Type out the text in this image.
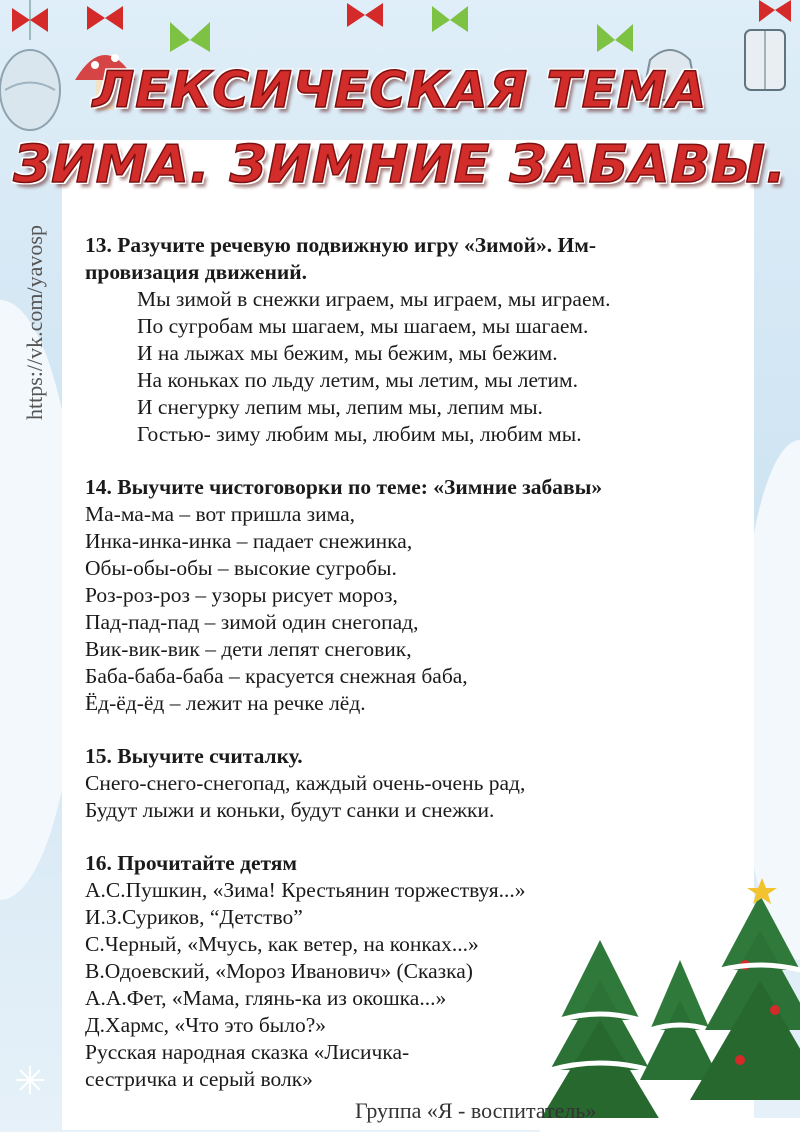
ЛЕКСИЧЕСКАЯ ТЕМА
ЗИМА. ЗИМНИЕ ЗАБАВЫ.
https://vk.com/yavosp 13. Разучите речевую подвижную игру «Зимой». Им-
провизация движений.
Мы зимой в снежки играем, мы играем, мы играем.
По сугробам мы шагаем, мы шагаем, мы шагаем.
И на лыжах мы бежим, мы бежим, мы бежим.
На коньках по льду летим, мы летим, мы летим.
И снегурку лепим мы, лепим мы, лепим мы.
Гостью- зиму любим мы, любим мы, любим мы.
14. Выучите чистоговорки по теме: «Зимние забавы»
Ма-ма-ма – вот пришла зима,
Инка-инка-инка – падает снежинка,
Обы-обы-обы – высокие сугробы.
Роз-роз-роз – узоры рисует мороз,
Пад-пад-пад – зимой один снегопад,
Вик-вик-вик – дети лепят снеговик,
Баба-баба-баба – красуется снежная баба,
Ёд-ёд-ёд – лежит на речке лёд.
15. Выучите считалку.
Снего-снего-снегопад, каждый очень-очень рад,
Будут лыжи и коньки, будут санки и снежки.
16. Прочитайте детям
А.С.Пушкин, «Зима! Крестьянин торжествуя...»
И.З.Суриков, “Детство”
С.Черный, «Мчусь, как ветер, на конках...»
В.Одоевский, «Мороз Иванович» (Сказка)
А.А.Фет, «Мама, глянь-ка из окошка...»
Д.Хармс, «Что это было?»
Русская народная сказка «Лисичка-
сестричка и серый волк»
Группа «Я - воспитатель»
